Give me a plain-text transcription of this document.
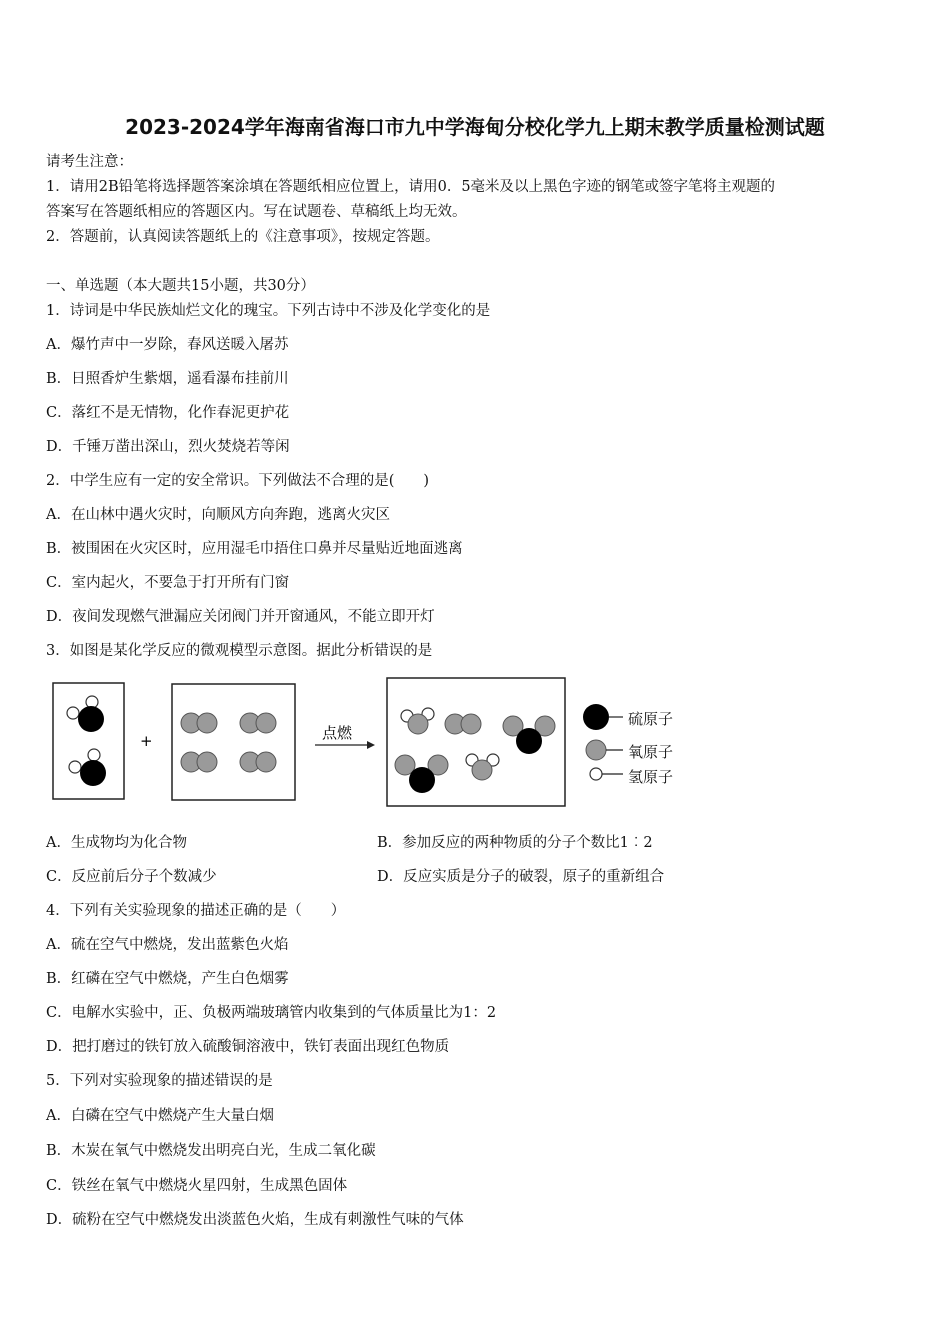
2023-2024学年海南省海口市九中学海甸分校化学九上期末教学质量检测试题
请考生注意：
1．请用2B铅笔将选择题答案涂填在答题纸相应位置上，请用0．5毫米及以上黑色字迹的钢笔或签字笔将主观题的
答案写在答题纸相应的答题区内。写在试题卷、草稿纸上均无效。
2．答题前，认真阅读答题纸上的《注意事项》，按规定答题。
一、单选题（本大题共15小题，共30分）
1．诗词是中华民族灿烂文化的瑰宝。下列古诗中不涉及化学变化的是
A．爆竹声中一岁除，春风送暖入屠苏
B．日照香炉生紫烟，遥看瀑布挂前川
C．落红不是无情物，化作春泥更护花
D．千锤万凿出深山，烈火焚烧若等闲
2．中学生应有一定的安全常识。下列做法不合理的是(　　)
A．在山林中遇火灾时，向顺风方向奔跑，逃离火灾区
B．被围困在火灾区时，应用湿毛巾捂住口鼻并尽量贴近地面逃离
C．室内起火，不要急于打开所有门窗
D．夜间发现燃气泄漏应关闭阀门并开窗通风，不能立即开灯
3．如图是某化学反应的微观模型示意图。据此分析错误的是
+	点燃
硫原子
氧原子
氢原子
A．生成物均为化合物	B．参加反应的两种物质的分子个数比1︰2
C．反应前后分子个数减少	D．反应实质是分子的破裂，原子的重新组合
4．下列有关实验现象的描述正确的是（　　）
A．硫在空气中燃烧，发出蓝紫色火焰
B．红磷在空气中燃烧，产生白色烟雾
C．电解水实验中，正、负极两端玻璃管内收集到的气体质量比为1：2
D．把打磨过的铁钉放入硫酸铜溶液中，铁钉表面出现红色物质
5．下列对实验现象的描述错误的是
A．白磷在空气中燃烧产生大量白烟
B．木炭在氧气中燃烧发出明亮白光，生成二氧化碳
C．铁丝在氧气中燃烧火星四射，生成黑色固体
D．硫粉在空气中燃烧发出淡蓝色火焰，生成有刺激性气味的气体
